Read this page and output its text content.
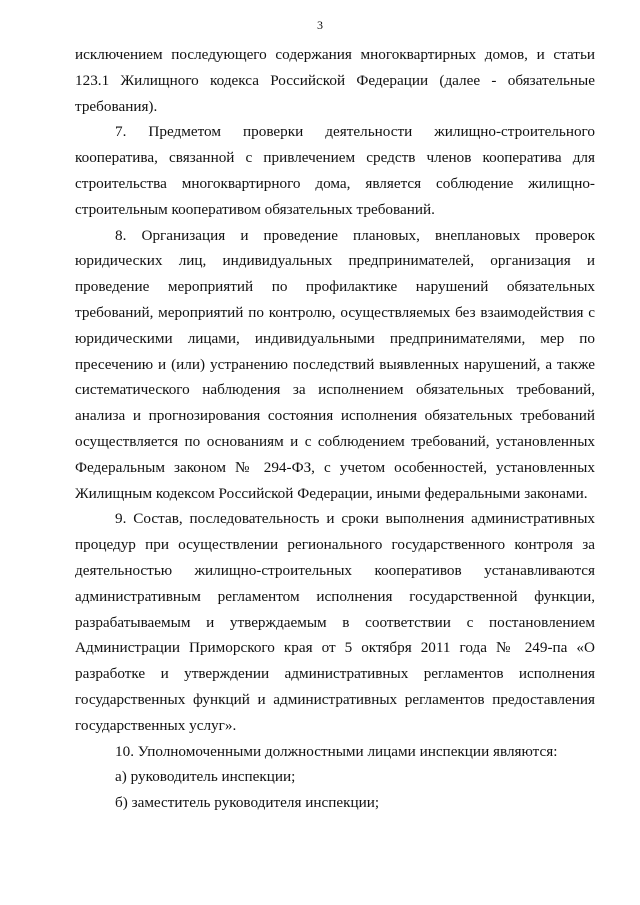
3

исключением последующего содержания многоквартирных домов, и статьи 123.1 Жилищного кодекса Российской Федерации (далее - обязательные требования).

7. Предметом проверки деятельности жилищно-строительного кооператива, связанной с привлечением средств членов кооператива для строительства многоквартирного дома, является соблюдение жилищно-строительным кооперативом обязательных требований.

8. Организация и проведение плановых, внеплановых проверок юридических лиц, индивидуальных предпринимателей, организация и проведение мероприятий по профилактике нарушений обязательных требований, мероприятий по контролю, осуществляемых без взаимодействия с юридическими лицами, индивидуальными предпринимателями, мер по пресечению и (или) устранению последствий выявленных нарушений, а также систематического наблюдения за исполнением обязательных требований, анализа и прогнозирования состояния исполнения обязательных требований осуществляется по основаниям и с соблюдением требований, установленных Федеральным законом № 294-ФЗ, с учетом особенностей, установленных Жилищным кодексом Российской Федерации, иными федеральными законами.

9. Состав, последовательность и сроки выполнения административных процедур при осуществлении регионального государственного контроля за деятельностью жилищно-строительных кооперативов устанавливаются административным регламентом исполнения государственной функции, разрабатываемым и утверждаемым в соответствии с постановлением Администрации Приморского края от 5 октября 2011 года № 249-па «О разработке и утверждении административных регламентов исполнения государственных функций и административных регламентов предоставления государственных услуг».

10. Уполномоченными должностными лицами инспекции являются:

а) руководитель инспекции;

б) заместитель руководителя инспекции;
